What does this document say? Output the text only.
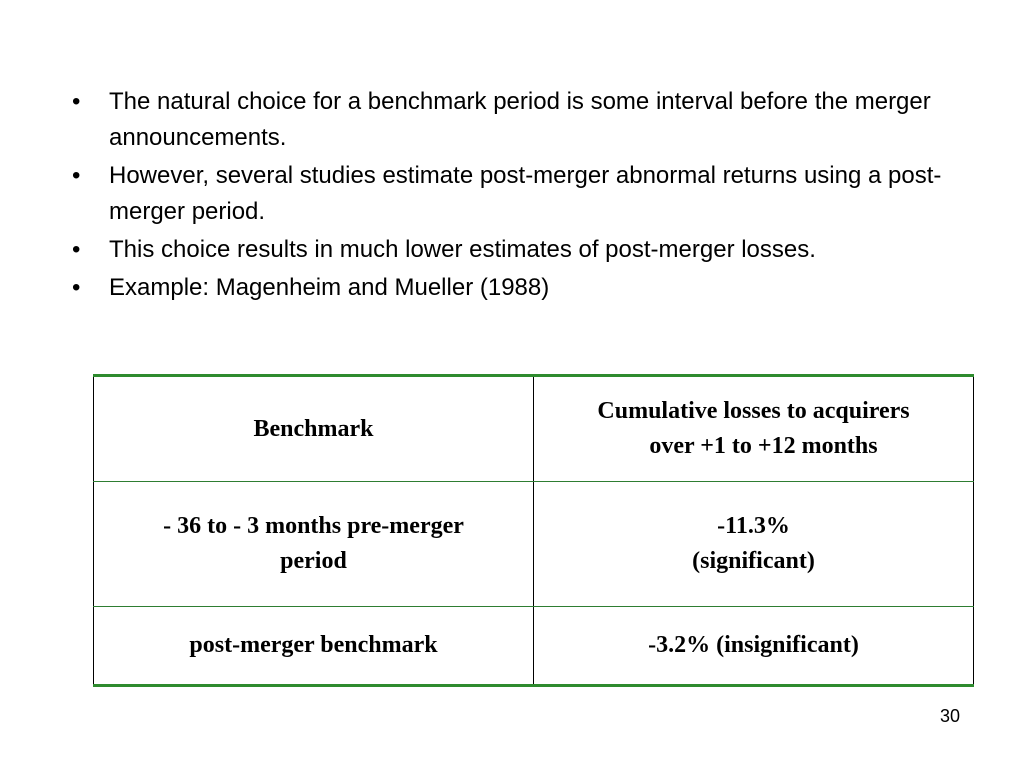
• The natural choice for a benchmark period is some interval before the merger announcements.
• However, several studies estimate post-merger abnormal returns using a post-merger period.
• This choice results in much lower estimates of post-merger losses.
• Example: Magenheim and Mueller (1988)
Benchmark	Cumulative losses to acquirers
over +1 to +12 months

- 36 to - 3 months pre-merger
period	-11.3%
(significant)

post-merger benchmark	-3.2% (insignificant)
30
